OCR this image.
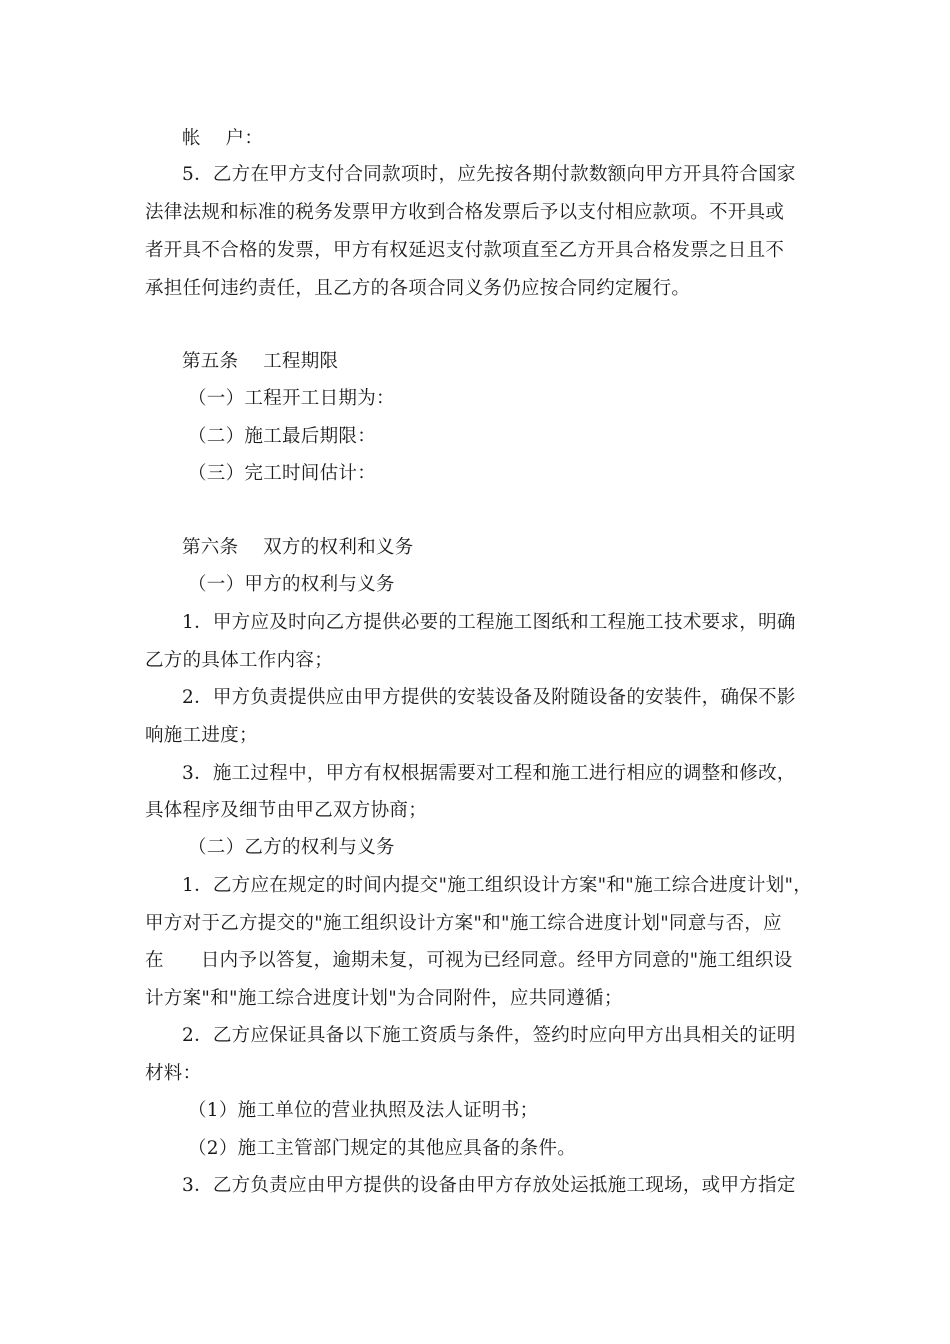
帐    户：
5．乙方在甲方支付合同款项时，应先按各期付款数额向甲方开具符合国家
法律法规和标准的税务发票甲方收到合格发票后予以支付相应款项。不开具或
者开具不合格的发票，甲方有权延迟支付款项直至乙方开具合格发票之日且不
承担任何违约责任，且乙方的各项合同义务仍应按合同约定履行。
第五条    工程期限
（一）工程开工日期为：
（二）施工最后期限：
（三）完工时间估计：
第六条    双方的权利和义务
（一）甲方的权利与义务
1．甲方应及时向乙方提供必要的工程施工图纸和工程施工技术要求，明确
乙方的具体工作内容；
2．甲方负责提供应由甲方提供的安装设备及附随设备的安装件，确保不影
响施工进度；
3．施工过程中，甲方有权根据需要对工程和施工进行相应的调整和修改，
具体程序及细节由甲乙双方协商；
（二）乙方的权利与义务
1．乙方应在规定的时间内提交"施工组织设计方案"和"施工综合进度计划"，
甲方对于乙方提交的"施工组织设计方案"和"施工综合进度计划"同意与否，应
在      日内予以答复，逾期未复，可视为已经同意。经甲方同意的"施工组织设
计方案"和"施工综合进度计划"为合同附件，应共同遵循；
2．乙方应保证具备以下施工资质与条件，签约时应向甲方出具相关的证明
材料：
（1）施工单位的营业执照及法人证明书；
（2）施工主管部门规定的其他应具备的条件。
3．乙方负责应由甲方提供的设备由甲方存放处运抵施工现场，或甲方指定
